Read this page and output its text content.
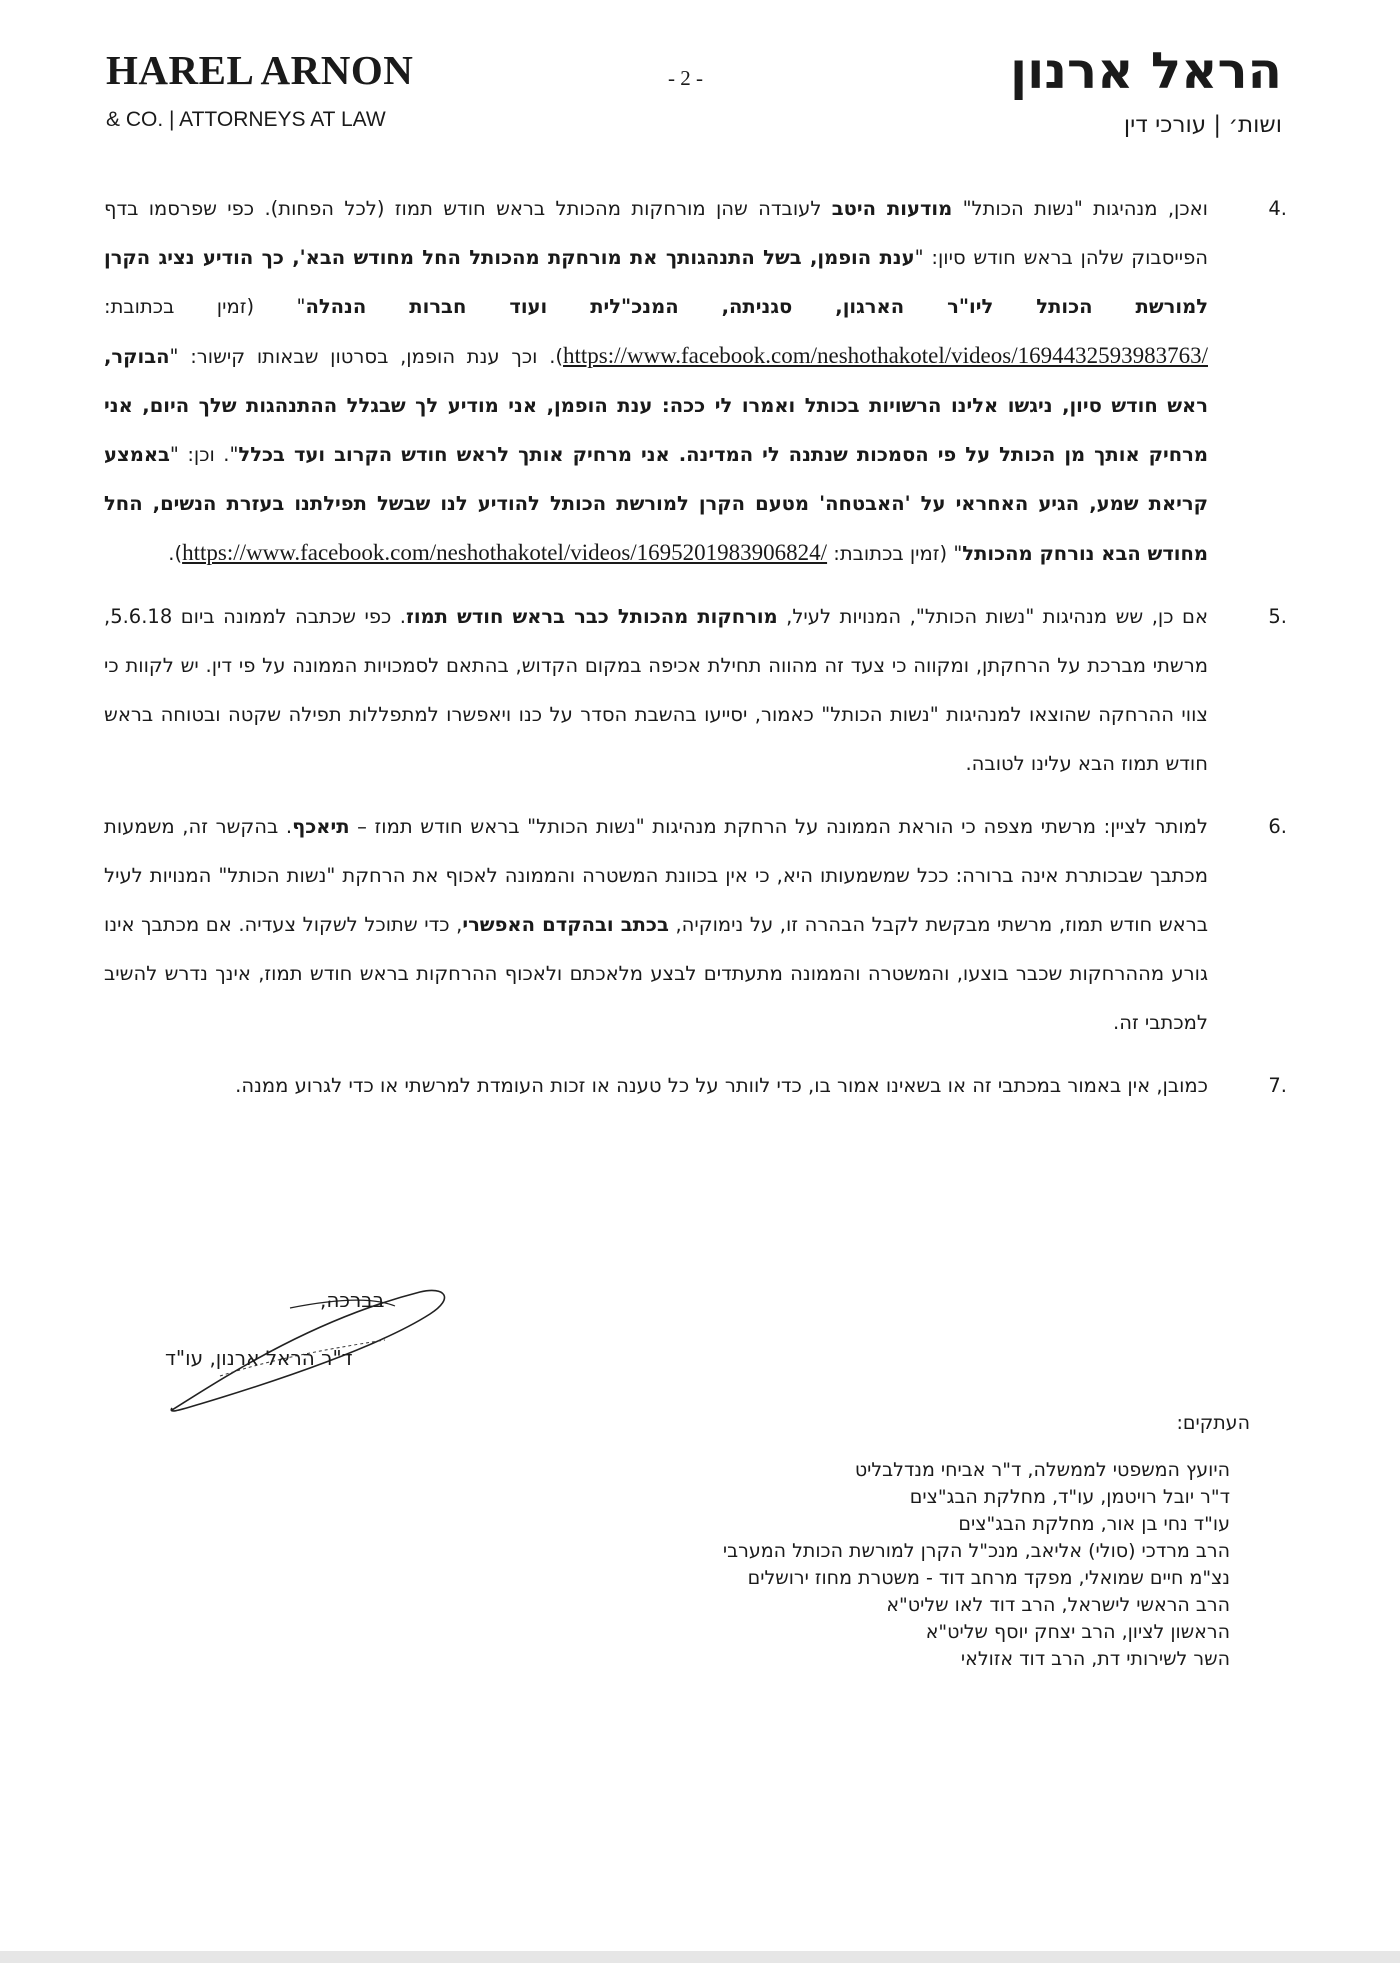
HAREL ARNON
& CO. | ATTORNEYS AT LAW
- 2 -	הראל ארנון
ושות׳ | עורכי דין
.4

ואכן, מנהיגות "נשות הכותל" מודעות היטב לעובדה שהן מורחקות מהכותל בראש חודש תמוז (לכל הפחות). כפי שפרסמו בדף הפייסבוק שלהן בראש חודש סיון: "ענת הופמן, בשל התנהגותך את מורחקת מהכותל החל מחודש הבא', כך הודיע נציג הקרן למורשת הכותל ליו"ר הארגון, סגניתה, המנכ"לית ועוד חברות הנהלה" (זמין בכתובת: https://www.facebook.com/neshothakotel/videos/1694432593983763/). וכך ענת הופמן, בסרטון שבאותו קישור: "הבוקר, ראש חודש סיון, ניגשו אלינו הרשויות בכותל ואמרו לי ככה: ענת הופמן, אני מודיע לך שבגלל ההתנהגות שלך היום, אני מרחיק אותך מן הכותל על פי הסמכות שנתנה לי המדינה. אני מרחיק אותך לראש חודש הקרוב ועד בכלל". וכן: "באמצע קריאת שמע, הגיע האחראי על 'האבטחה' מטעם הקרן למורשת הכותל להודיע לנו שבשל תפילתנו בעזרת הנשים, החל מחודש הבא נורחק מהכותל" (זמין בכתובת: https://www.facebook.com/neshothakotel/videos/1695201983906824/).

.5

אם כן, שש מנהיגות "נשות הכותל", המנויות לעיל, מורחקות מהכותל כבר בראש חודש תמוז. כפי שכתבה לממונה ביום 5.6.18, מרשתי מברכת על הרחקתן, ומקווה כי צעד זה מהווה תחילת אכיפה במקום הקדוש, בהתאם לסמכויות הממונה על פי דין. יש לקוות כי צווי ההרחקה שהוצאו למנהיגות "נשות הכותל" כאמור, יסייעו בהשבת הסדר על כנו ויאפשרו למתפללות תפילה שקטה ובטוחה בראש חודש תמוז הבא עלינו לטובה.

.6

למותר לציין: מרשתי מצפה כי הוראת הממונה על הרחקת מנהיגות "נשות הכותל" בראש חודש תמוז – תיאכף. בהקשר זה, משמעות מכתבך שבכותרת אינה ברורה: ככל שמשמעותו היא, כי אין בכוונת המשטרה והממונה לאכוף את הרחקת "נשות הכותל" המנויות לעיל בראש חודש תמוז, מרשתי מבקשת לקבל הבהרה זו, על נימוקיה, בכתב ובהקדם האפשרי, כדי שתוכל לשקול צעדיה. אם מכתבך אינו גורע מההרחקות שכבר בוצעו, והמשטרה והממונה מתעתדים לבצע מלאכתם ולאכוף ההרחקות בראש חודש תמוז, אינך נדרש להשיב למכתבי זה.

.7

כמובן, אין באמור במכתבי זה או בשאינו אמור בו, כדי לוותר על כל טענה או זכות העומדת למרשתי או כדי לגרוע ממנה.

בברכה,
ד"ר הראל ארנון, עו"ד
העתקים:
היועץ המשפטי לממשלה, ד"ר אביחי מנדלבליט
ד"ר יובל רויטמן, עו"ד, מחלקת הבג"צים
עו"ד נחי בן אור, מחלקת הבג"צים
הרב מרדכי (סולי) אליאב, מנכ"ל הקרן למורשת הכותל המערבי
נצ"מ חיים שמואלי, מפקד מרחב דוד - משטרת מחוז ירושלים
הרב הראשי לישראל, הרב דוד לאו שליט"א
הראשון לציון, הרב יצחק יוסף שליט"א
השר לשירותי דת, הרב דוד אזולאי
